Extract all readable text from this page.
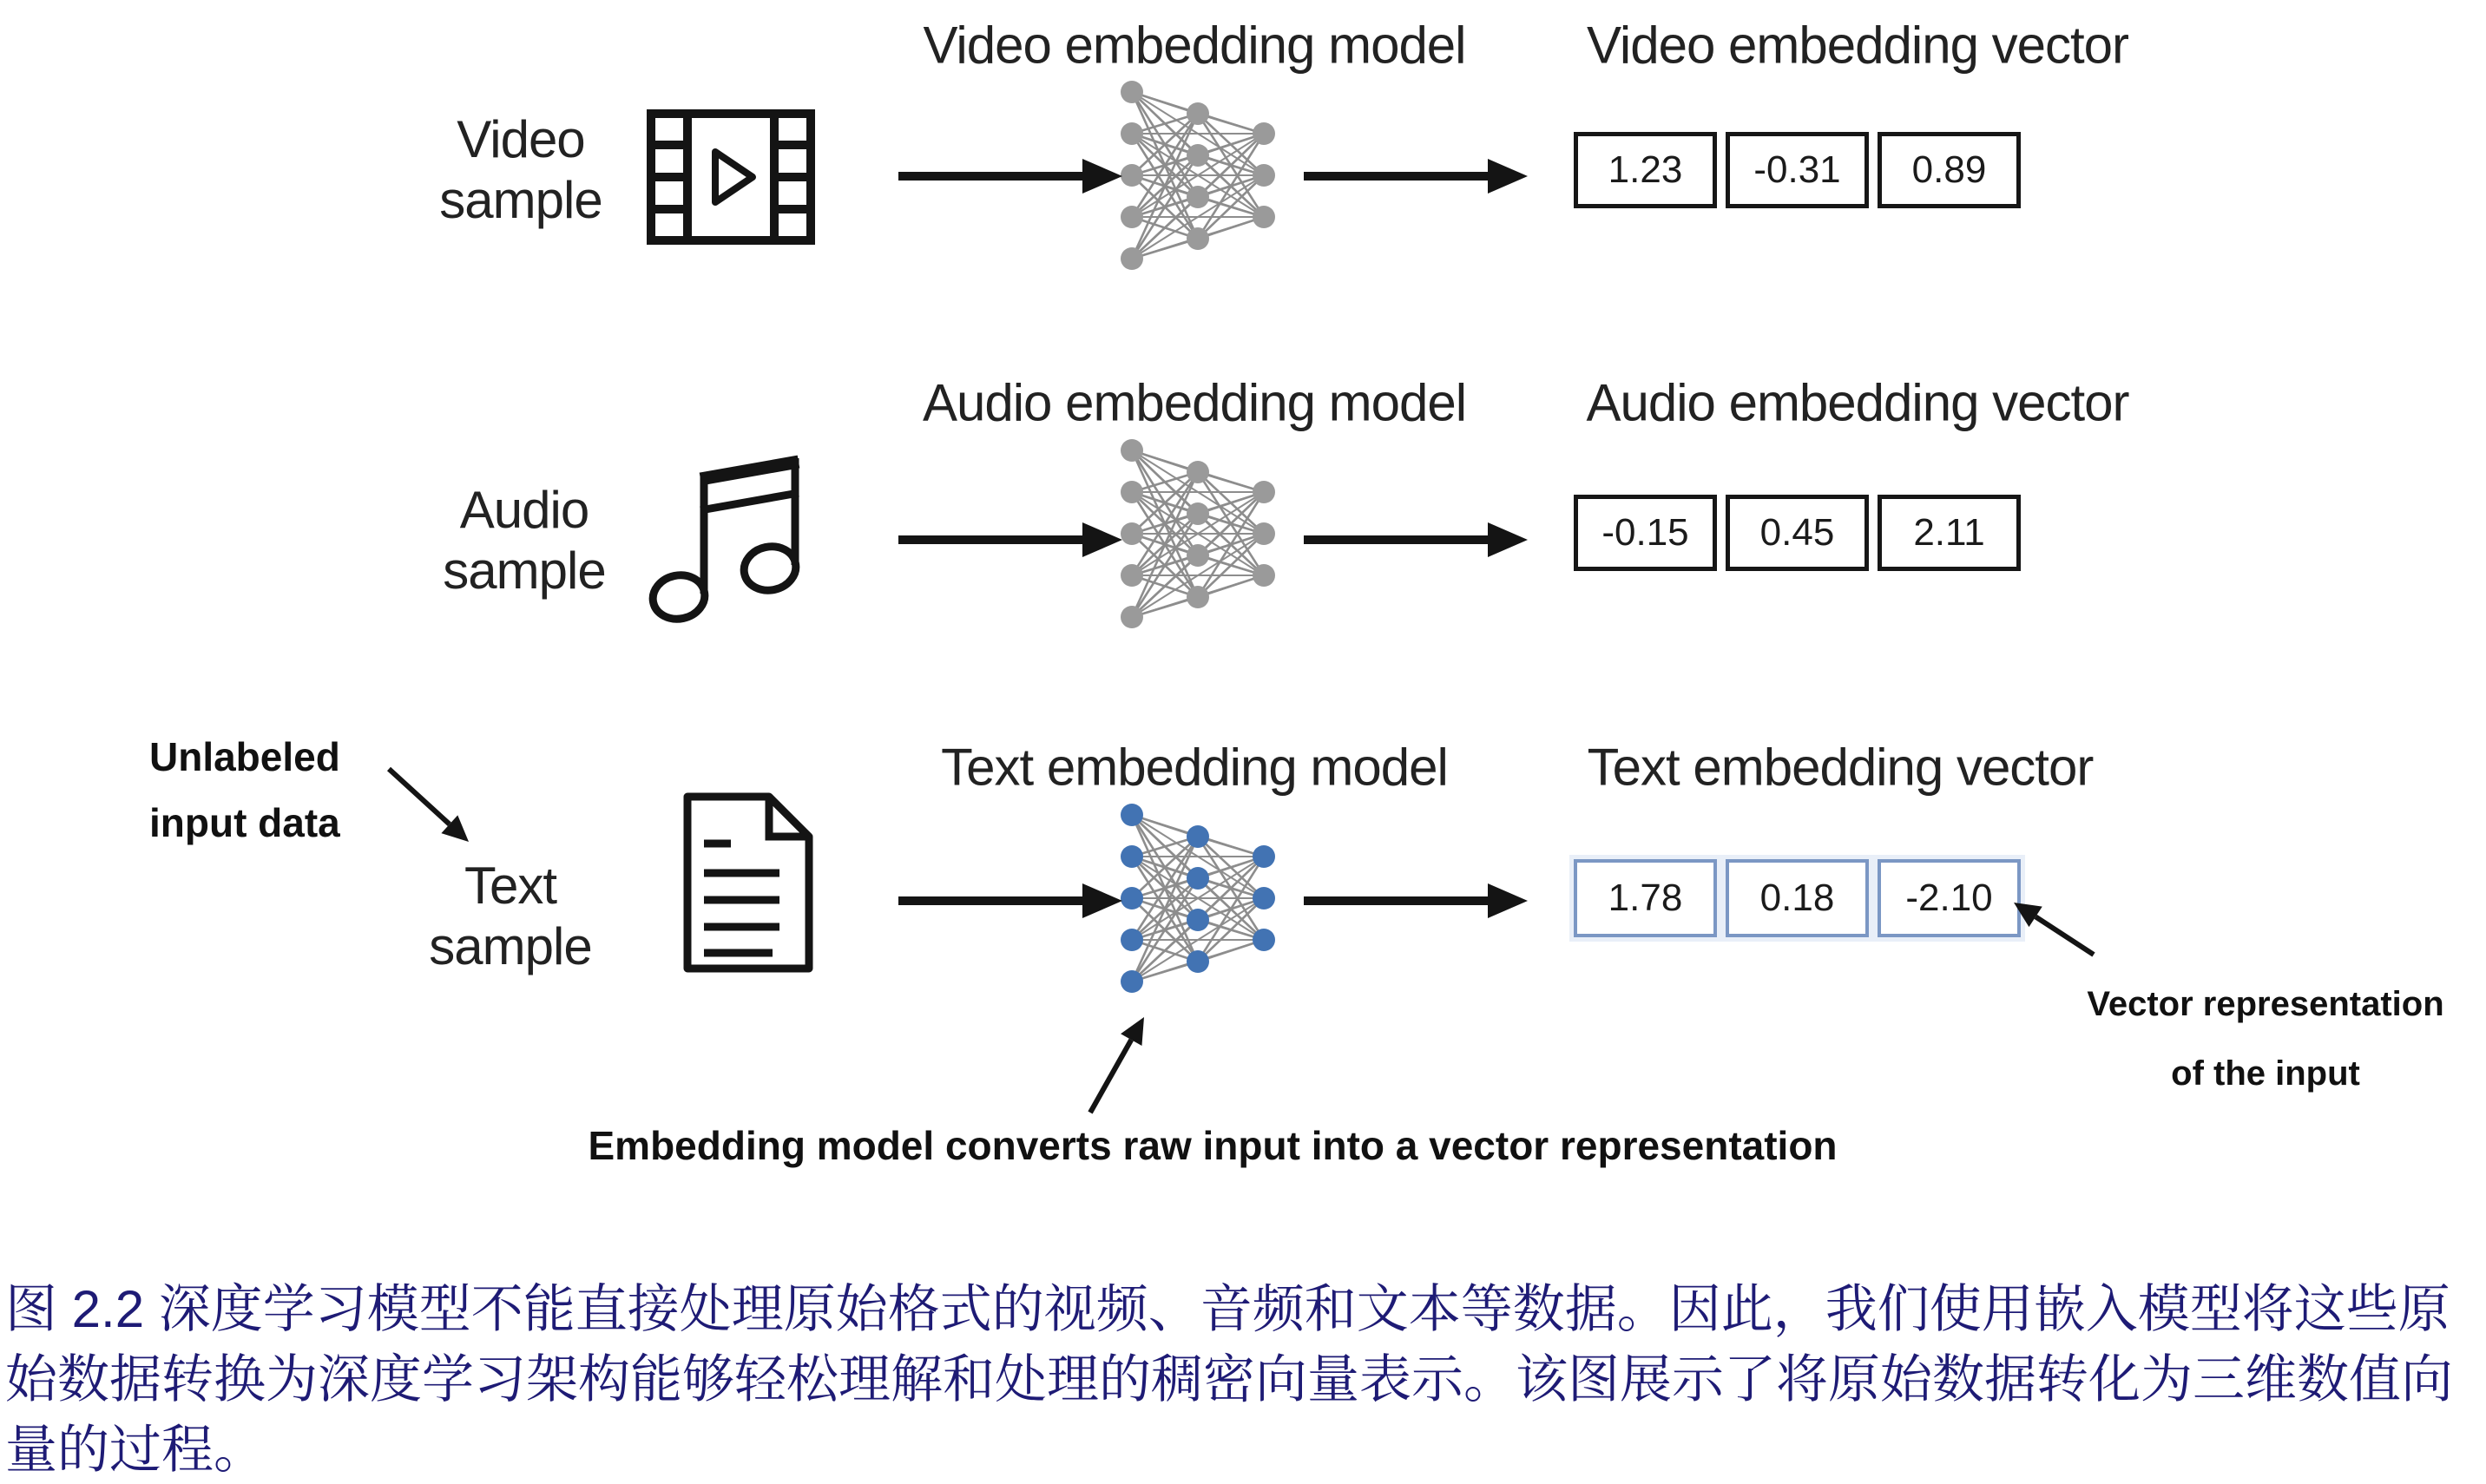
Video embedding model Video embedding vector
Video
sample
1.23 -0.31 0.89
Audio embedding model Audio embedding vector
Audio
sample
-0.15 0.45 2.11
Text embedding model	Text embedding vector
Text
sample
1.78 0.18 -2.10
Unlabeled
input data
Embedding model converts raw input into a vector representation
Vector representation
of the input
图 2.2 深度学习模型不能直接处理原始格式的视频、音频和文本等数据。因此，我们使用嵌入模型将这些原始数据转换为深度学习架构能够轻松理解和处理的稠密向量表示。该图展示了将原始数据转化为三维数值向量的过程。
